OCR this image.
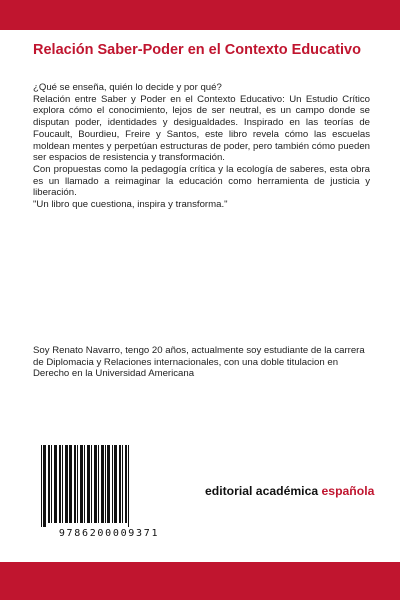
Relación Saber-Poder en el Contexto Educativo

¿Qué se enseña, quién lo decide y por qué?

Relación entre Saber y Poder en el Contexto Educativo: Un Estudio Crítico explora cómo el conocimiento, lejos de ser neutral, es un campo donde se disputan poder, identidades y desigualdades. Inspirado en las teorías de Foucault, Bourdieu, Freire y Santos, este libro revela cómo las escuelas moldean mentes y perpetúan estructuras de poder, pero también cómo pueden ser espacios de resistencia y transformación.

Con propuestas como la pedagogía crítica y la ecología de saberes, esta obra es un llamado a reimaginar la educación como herramienta de justicia y liberación.

"Un libro que cuestiona, inspira y transforma."

Soy Renato Navarro, tengo 20 años, actualmente soy estudiante de la carrera de Diplomacia y Relaciones internacionales, con una doble titulacion en Derecho en la Universidad Americana

9786200009371
editorial académica española
